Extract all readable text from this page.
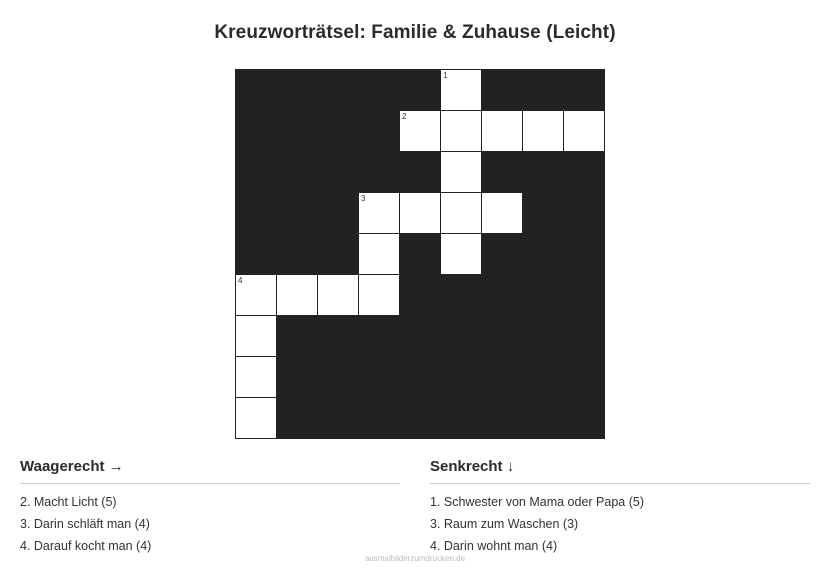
Kreuzworträtsel: Familie & Zuhause (Leicht)

					1			

				2				

			3					

4								

Waagerecht →
2. Macht Licht (5)
3. Darin schläft man (4)
4. Darauf kocht man (4)
Senkrecht ↓
1. Schwester von Mama oder Papa (5)
3. Raum zum Waschen (3)
4. Darin wohnt man (4)
ausmalbilderzumdrucken.de
